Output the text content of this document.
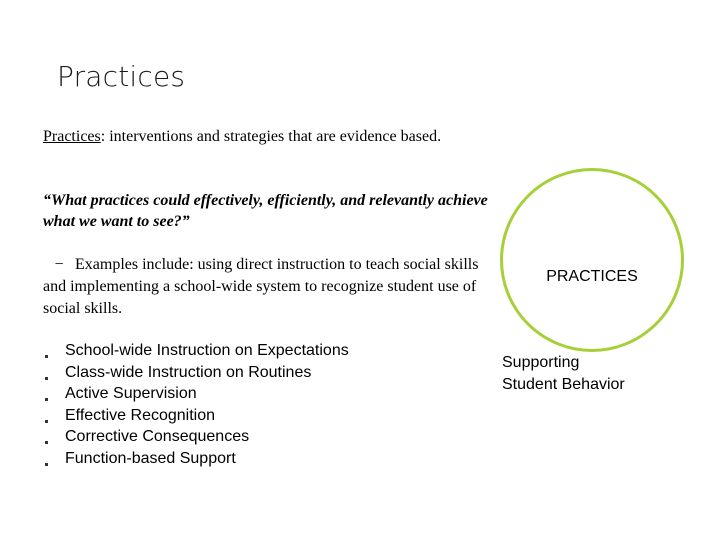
Practices
Practices: interventions and strategies that are evidence based.
“What practices could effectively, efficiently, and relevantly achieve what we want to see?”
− Examples include: using direct instruction to teach social skills and implementing a school-wide system to recognize student use of social skills.
School-wide Instruction on Expectations
Class-wide Instruction on Routines
Active Supervision
Effective Recognition
Corrective Consequences
Function-based Support
PRACTICES
Supporting
Student Behavior
